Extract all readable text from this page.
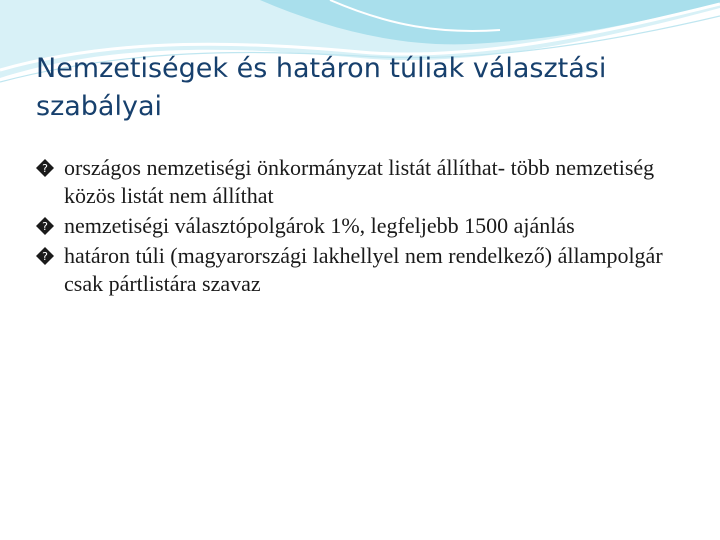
Nemzetiségek és határon túliak választási szabályai
? országos nemzetiségi önkormányzat listát állíthat- több nemzetiség közös listát nem állíthat
? nemzetiségi választópolgárok 1%, legfeljebb 1500 ajánlás
? határon túli (magyarországi lakhellyel nem rendelkező) állampolgár csak pártlistára szavaz
